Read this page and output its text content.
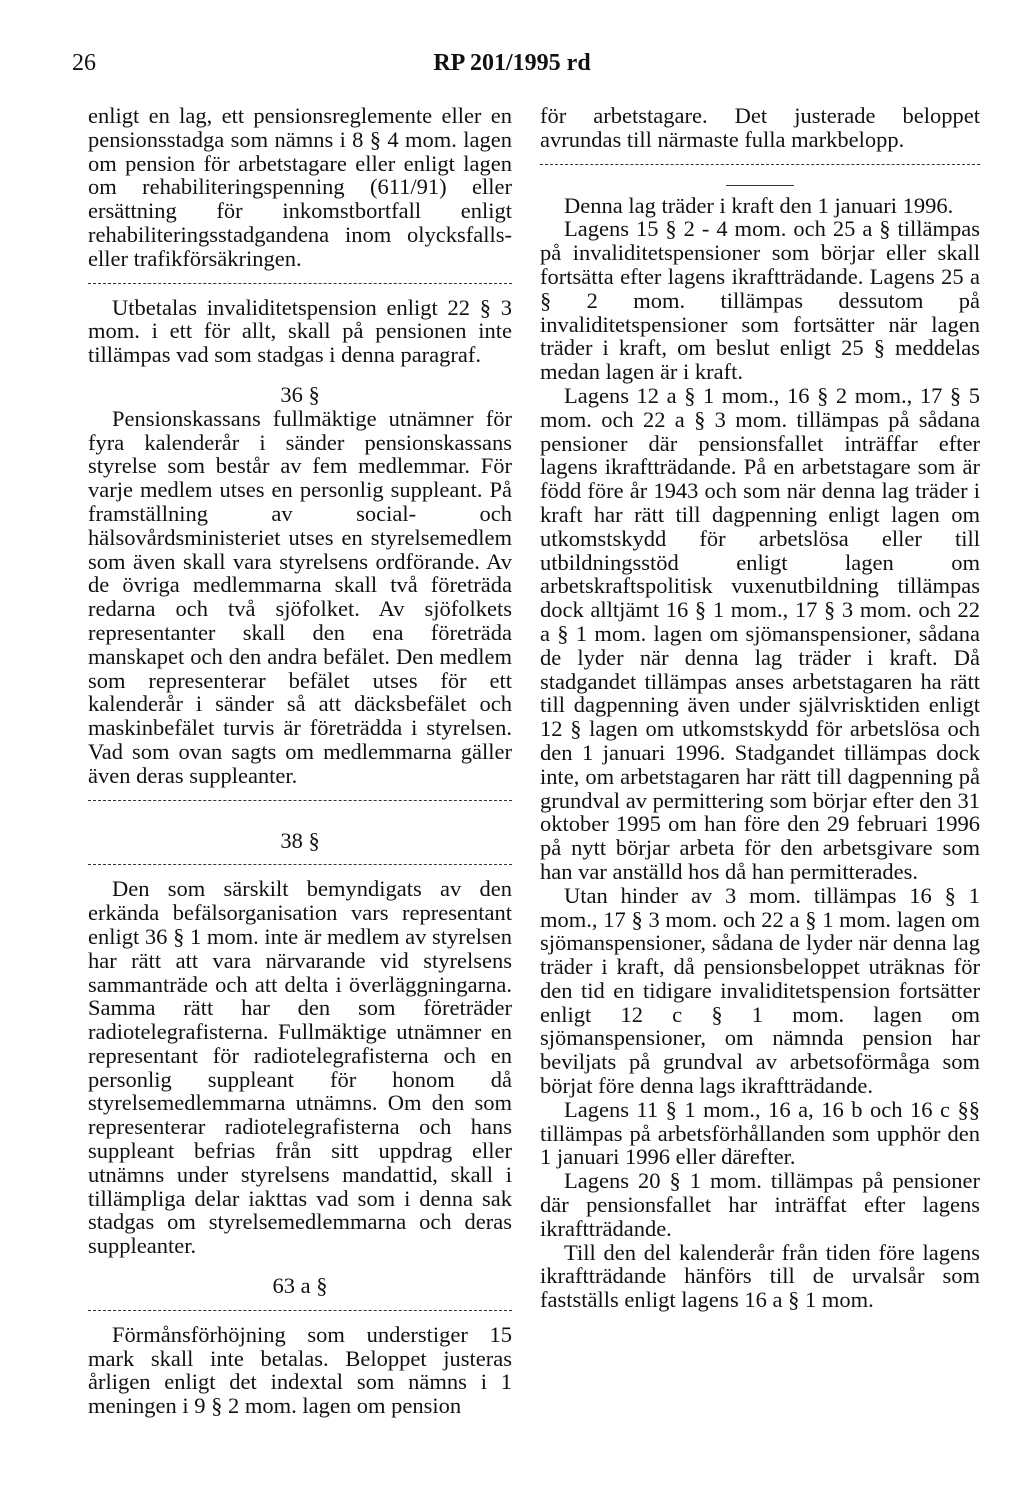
26	RP 201/1995 rd

enligt en lag, ett pensionsreglemente eller en pensionsstadga som nämns i 8 § 4 mom. lagen om pension för arbetstagare eller enligt lagen om rehabiliteringspenning (611/91) eller ersättning för inkomstbortfall enligt rehabiliteringsstadgandena inom olycksfalls- eller trafikförsäkringen.

Utbetalas invaliditetspension enligt 22 § 3 mom. i ett för allt, skall på pensionen inte tillämpas vad som stadgas i denna paragraf.

36 §

Pensionskassans fullmäktige utnämner för fyra kalenderår i sänder pensionskassans styrelse som består av fem medlemmar. För varje medlem utses en personlig suppleant. På framställning av social- och hälsovårdsministeriet utses en styrelsemedlem som även skall vara styrelsens ordförande. Av de övriga medlemmarna skall två företräda redarna och två sjöfolket. Av sjöfolkets representanter skall den ena företräda manskapet och den andra befälet. Den medlem som representerar befälet utses för ett kalenderår i sänder så att däcksbefälet och maskinbefälet turvis är företrädda i styrelsen. Vad som ovan sagts om medlemmarna gäller även deras suppleanter.

38 §

Den som särskilt bemyndigats av den erkända befälsorganisation vars representant enligt 36 § 1 mom. inte är medlem av styrelsen har rätt att vara närvarande vid styrelsens sammanträde och att delta i överläggningarna. Samma rätt har den som företräder radiotelegrafisterna. Fullmäktige utnämner en representant för radiotelegrafisterna och en personlig suppleant för honom då styrelsemedlemmarna utnämns. Om den som representerar radiotelegrafisterna och hans suppleant befrias från sitt uppdrag eller utnämns under styrelsens mandattid, skall i tillämpliga delar iakttas vad som i denna sak stadgas om styrelsemedlemmarna och deras suppleanter.

63 a §

Förmånsförhöjning som understiger 15 mark skall inte betalas. Beloppet justeras årligen enligt det indextal som nämns i 1 meningen i 9 § 2 mom. lagen om pension

för arbetstagare. Det justerade beloppet avrundas till närmaste fulla markbelopp.

Denna lag träder i kraft den 1 januari 1996.

Lagens 15 § 2 - 4 mom. och 25 a § tillämpas på invaliditetspensioner som börjar eller skall fortsätta efter lagens ikraftträdande. Lagens 25 a § 2 mom. tillämpas dessutom på invaliditetspensioner som fortsätter när lagen träder i kraft, om beslut enligt 25 § meddelas medan lagen är i kraft.

Lagens 12 a § 1 mom., 16 § 2 mom., 17 § 5 mom. och 22 a § 3 mom. tillämpas på sådana pensioner där pensionsfallet inträffar efter lagens ikraftträdande. På en arbetstagare som är född före år 1943 och som när denna lag träder i kraft har rätt till dagpenning enligt lagen om utkomstskydd för arbetslösa eller till utbildningsstöd enligt lagen om arbetskraftspolitisk vuxenutbildning tillämpas dock alltjämt 16 § 1 mom., 17 § 3 mom. och 22 a § 1 mom. lagen om sjömanspensioner, sådana de lyder när denna lag träder i kraft. Då stadgandet tillämpas anses arbetstagaren ha rätt till dagpenning även under självrisktiden enligt 12 § lagen om utkomstskydd för arbetslösa och den 1 januari 1996. Stadgandet tillämpas dock inte, om arbetstagaren har rätt till dagpenning på grundval av permittering som börjar efter den 31 oktober 1995 om han före den 29 februari 1996 på nytt börjar arbeta för den arbetsgivare som han var anställd hos då han permitterades.

Utan hinder av 3 mom. tillämpas 16 § 1 mom., 17 § 3 mom. och 22 a § 1 mom. lagen om sjömanspensioner, sådana de lyder när denna lag träder i kraft, då pensionsbeloppet uträknas för den tid en tidigare invaliditetspension fortsätter enligt 12 c § 1 mom. lagen om sjömanspensioner, om nämnda pension har beviljats på grundval av arbetsoförmåga som börjat före denna lags ikraftträdande.

Lagens 11 § 1 mom., 16 a, 16 b och 16 c §§ tillämpas på arbetsförhållanden som upphör den 1 januari 1996 eller därefter.

Lagens 20 § 1 mom. tillämpas på pensioner där pensionsfallet har inträffat efter lagens ikraftträdande.

Till den del kalenderår från tiden före lagens ikraftträdande hänförs till de urvalsår som fastställs enligt lagens 16 a § 1 mom.
